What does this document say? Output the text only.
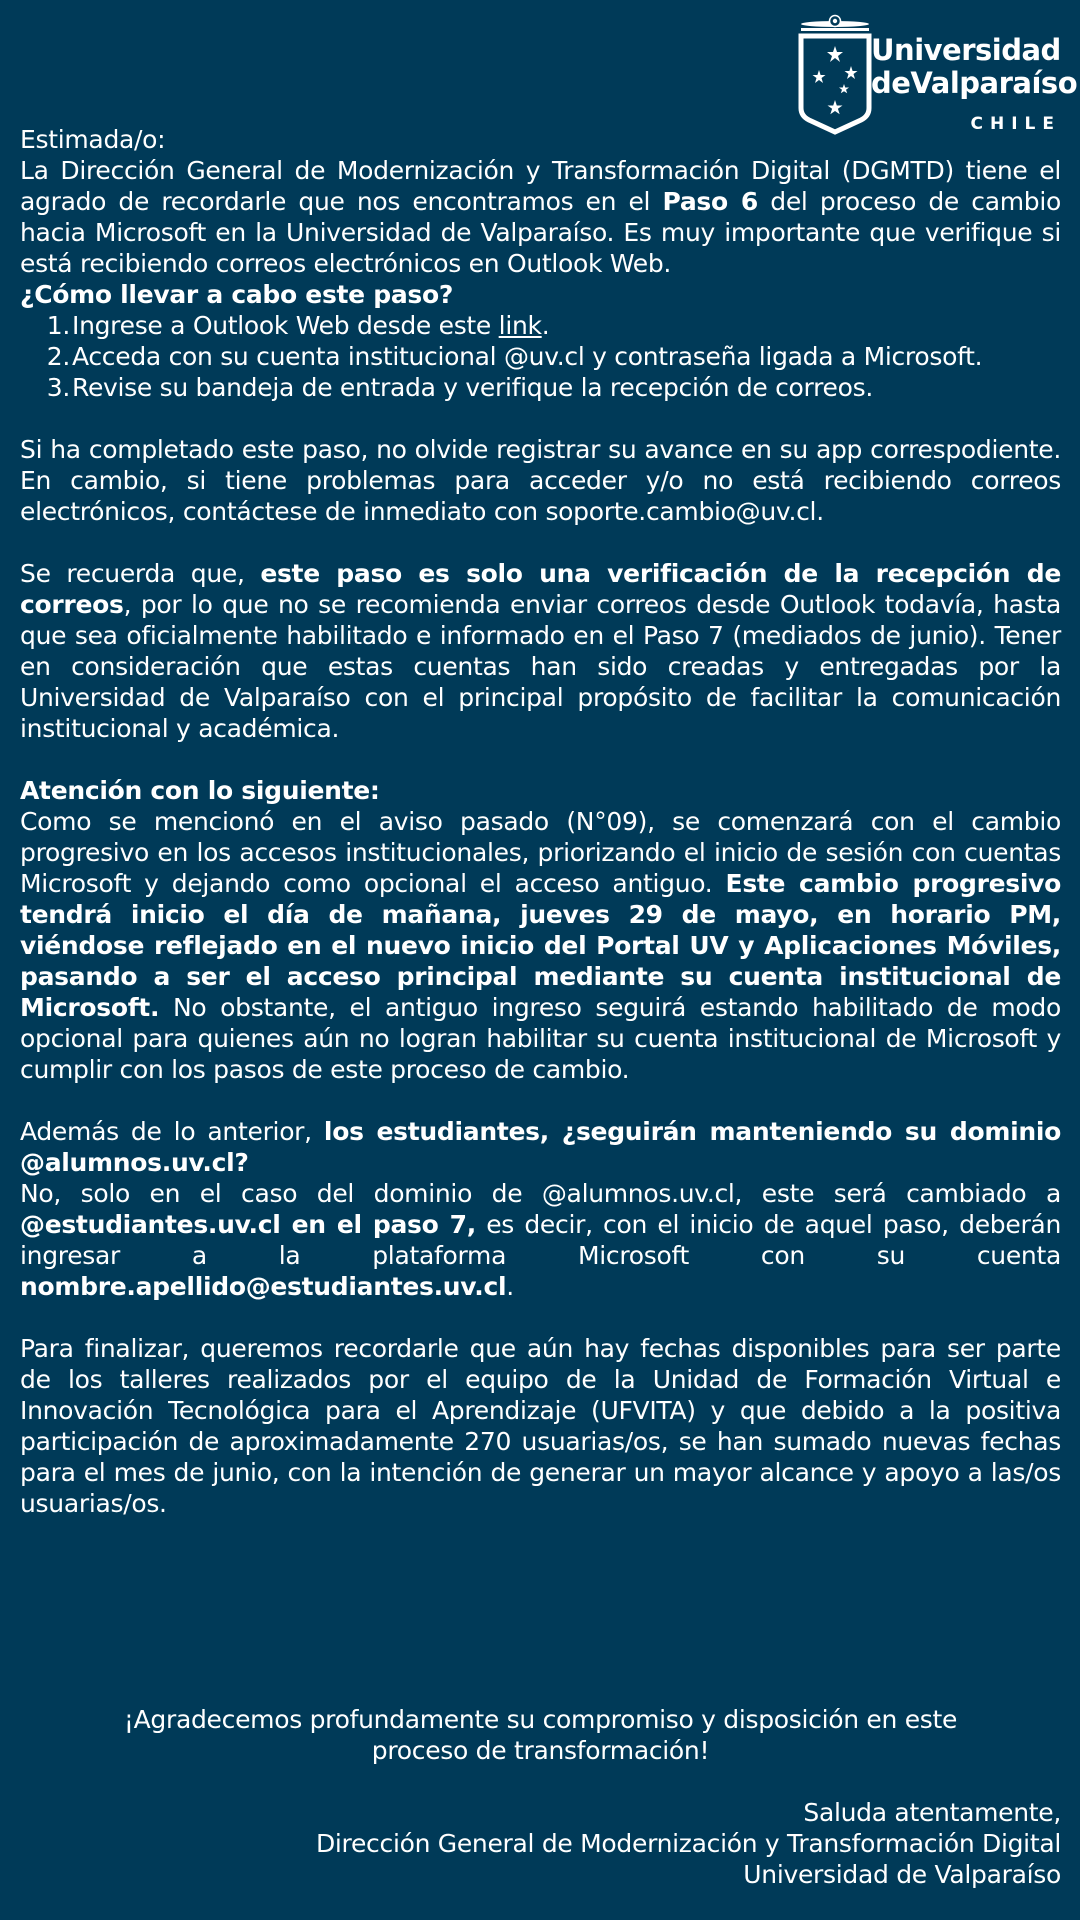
Universidad
deValparaíso
CHILE

Estimada/o:

La Dirección General de Modernización y Transformación Digital (DGMTD) tiene el agrado de recordarle que nos encontramos en el Paso 6 del proceso de cambio hacia Microsoft en la Universidad de Valparaíso. Es muy importante que verifique si está recibiendo correos electrónicos en Outlook Web.

¿Cómo llevar a cabo este paso?

1. Ingrese a Outlook Web desde este link.
2. Acceda con su cuenta institucional @uv.cl y contraseña ligada a Microsoft.
3. Revise su bandeja de entrada y verifique la recepción de correos.

Si ha completado este paso, no olvide registrar su avance en su app correspodiente. En cambio, si tiene problemas para acceder y/o no está recibiendo correos electrónicos, contáctese de inmediato con soporte.cambio@uv.cl.

Se recuerda que, este paso es solo una verificación de la recepción de correos, por lo que no se recomienda enviar correos desde Outlook todavía, hasta que sea oficialmente habilitado e informado en el Paso 7 (mediados de junio). Tener en consideración que estas cuentas han sido creadas y entregadas por la Universidad de Valparaíso con el principal propósito de facilitar la comunicación institucional y académica.

Atención con lo siguiente:

Como se mencionó en el aviso pasado (N°09), se comenzará con el cambio progresivo en los accesos institucionales, priorizando el inicio de sesión con cuentas Microsoft y dejando como opcional el acceso antiguo. Este cambio progresivo tendrá inicio el día de mañana, jueves 29 de mayo, en horario PM, viéndose reflejado en el nuevo inicio del Portal UV y Aplicaciones Móviles, pasando a ser el acceso principal mediante su cuenta institucional de Microsoft. No obstante, el antiguo ingreso seguirá estando habilitado de modo opcional para quienes aún no logran habilitar su cuenta institucional de Microsoft y cumplir con los pasos de este proceso de cambio.

Además de lo anterior, los estudiantes, ¿seguirán manteniendo su dominio @alumnos.uv.cl?

No, solo en el caso del dominio de @alumnos.uv.cl, este será cambiado a @estudiantes.uv.cl en el paso 7, es decir, con el inicio de aquel paso, deberán ingresar a la plataforma Microsoft con su cuenta nombre.apellido@estudiantes.uv.cl.

Para finalizar, queremos recordarle que aún hay fechas disponibles para ser parte de los talleres realizados por el equipo de la Unidad de Formación Virtual e Innovación Tecnológica para el Aprendizaje (UFVITA) y que debido a la positiva participación de aproximadamente 270 usuarias/os, se han sumado nuevas fechas para el mes de junio, con la intención de generar un mayor alcance y apoyo a las/os usuarias/os.

¡Agradecemos profundamente su compromiso y disposición en este

proceso de transformación!

Saluda atentamente,

Dirección General de Modernización y Transformación Digital

Universidad de Valparaíso
